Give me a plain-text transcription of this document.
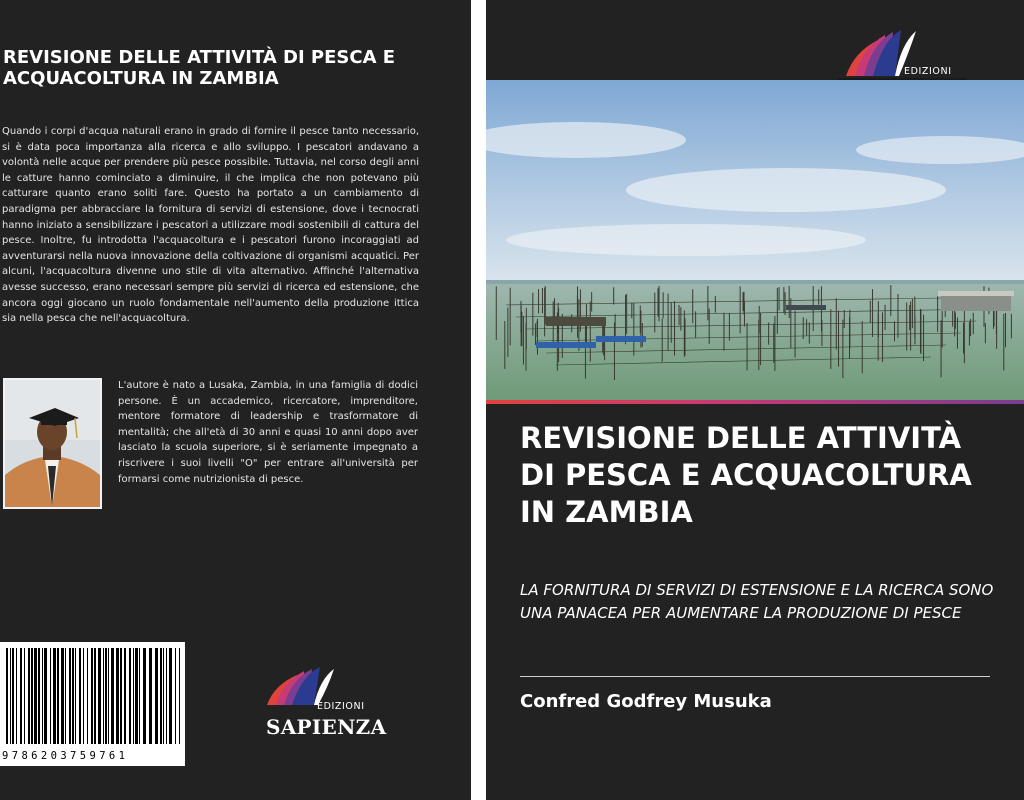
REVISIONE DELLE ATTIVITÀ DI PESCA E ACQUACOLTURA IN ZAMBIA
Quando i corpi d'acqua naturali erano in grado di fornire il pesce tanto necessario, si è data poca importanza alla ricerca e allo sviluppo. I pescatori andavano a volontà nelle acque per prendere più pesce possibile. Tuttavia, nel corso degli anni le catture hanno cominciato a diminuire, il che implica che non potevano più catturare quanto erano soliti fare. Questo ha portato a un cambiamento di paradigma per abbracciare la fornitura di servizi di estensione, dove i tecnocrati hanno iniziato a sensibilizzare i pescatori a utilizzare modi sostenibili di cattura del pesce. Inoltre, fu introdotta l'acquacoltura e i pescatori furono incoraggiati ad avventurarsi nella nuova innovazione della coltivazione di organismi acquatici. Per alcuni, l'acquacoltura divenne uno stile di vita alternativo. Affinché l'alternativa avesse successo, erano necessari sempre più servizi di ricerca ed estensione, che ancora oggi giocano un ruolo fondamentale nell'aumento della produzione ittica sia nella pesca che nell'acquacoltura.
L'autore è nato a Lusaka, Zambia, in una famiglia di dodici persone. È un accademico, ricercatore, imprenditore, mentore formatore di leadership e trasformatore di mentalità; che all'età di 30 anni e quasi 10 anni dopo aver lasciato la scuola superiore, si è seriamente impegnato a riscrivere i suoi livelli "O" per entrare all'università per formarsi come nutrizionista di pesce.
9786203759761
EDIZIONI
SAPIENZA
EDIZIONI
REVISIONE DELLE ATTIVITÀ DI PESCA E ACQUACOLTURA IN ZAMBIA
LA FORNITURA DI SERVIZI DI ESTENSIONE E LA RICERCA SONO UNA PANACEA PER AUMENTARE LA PRODUZIONE DI PESCE
Confred Godfrey Musuka
